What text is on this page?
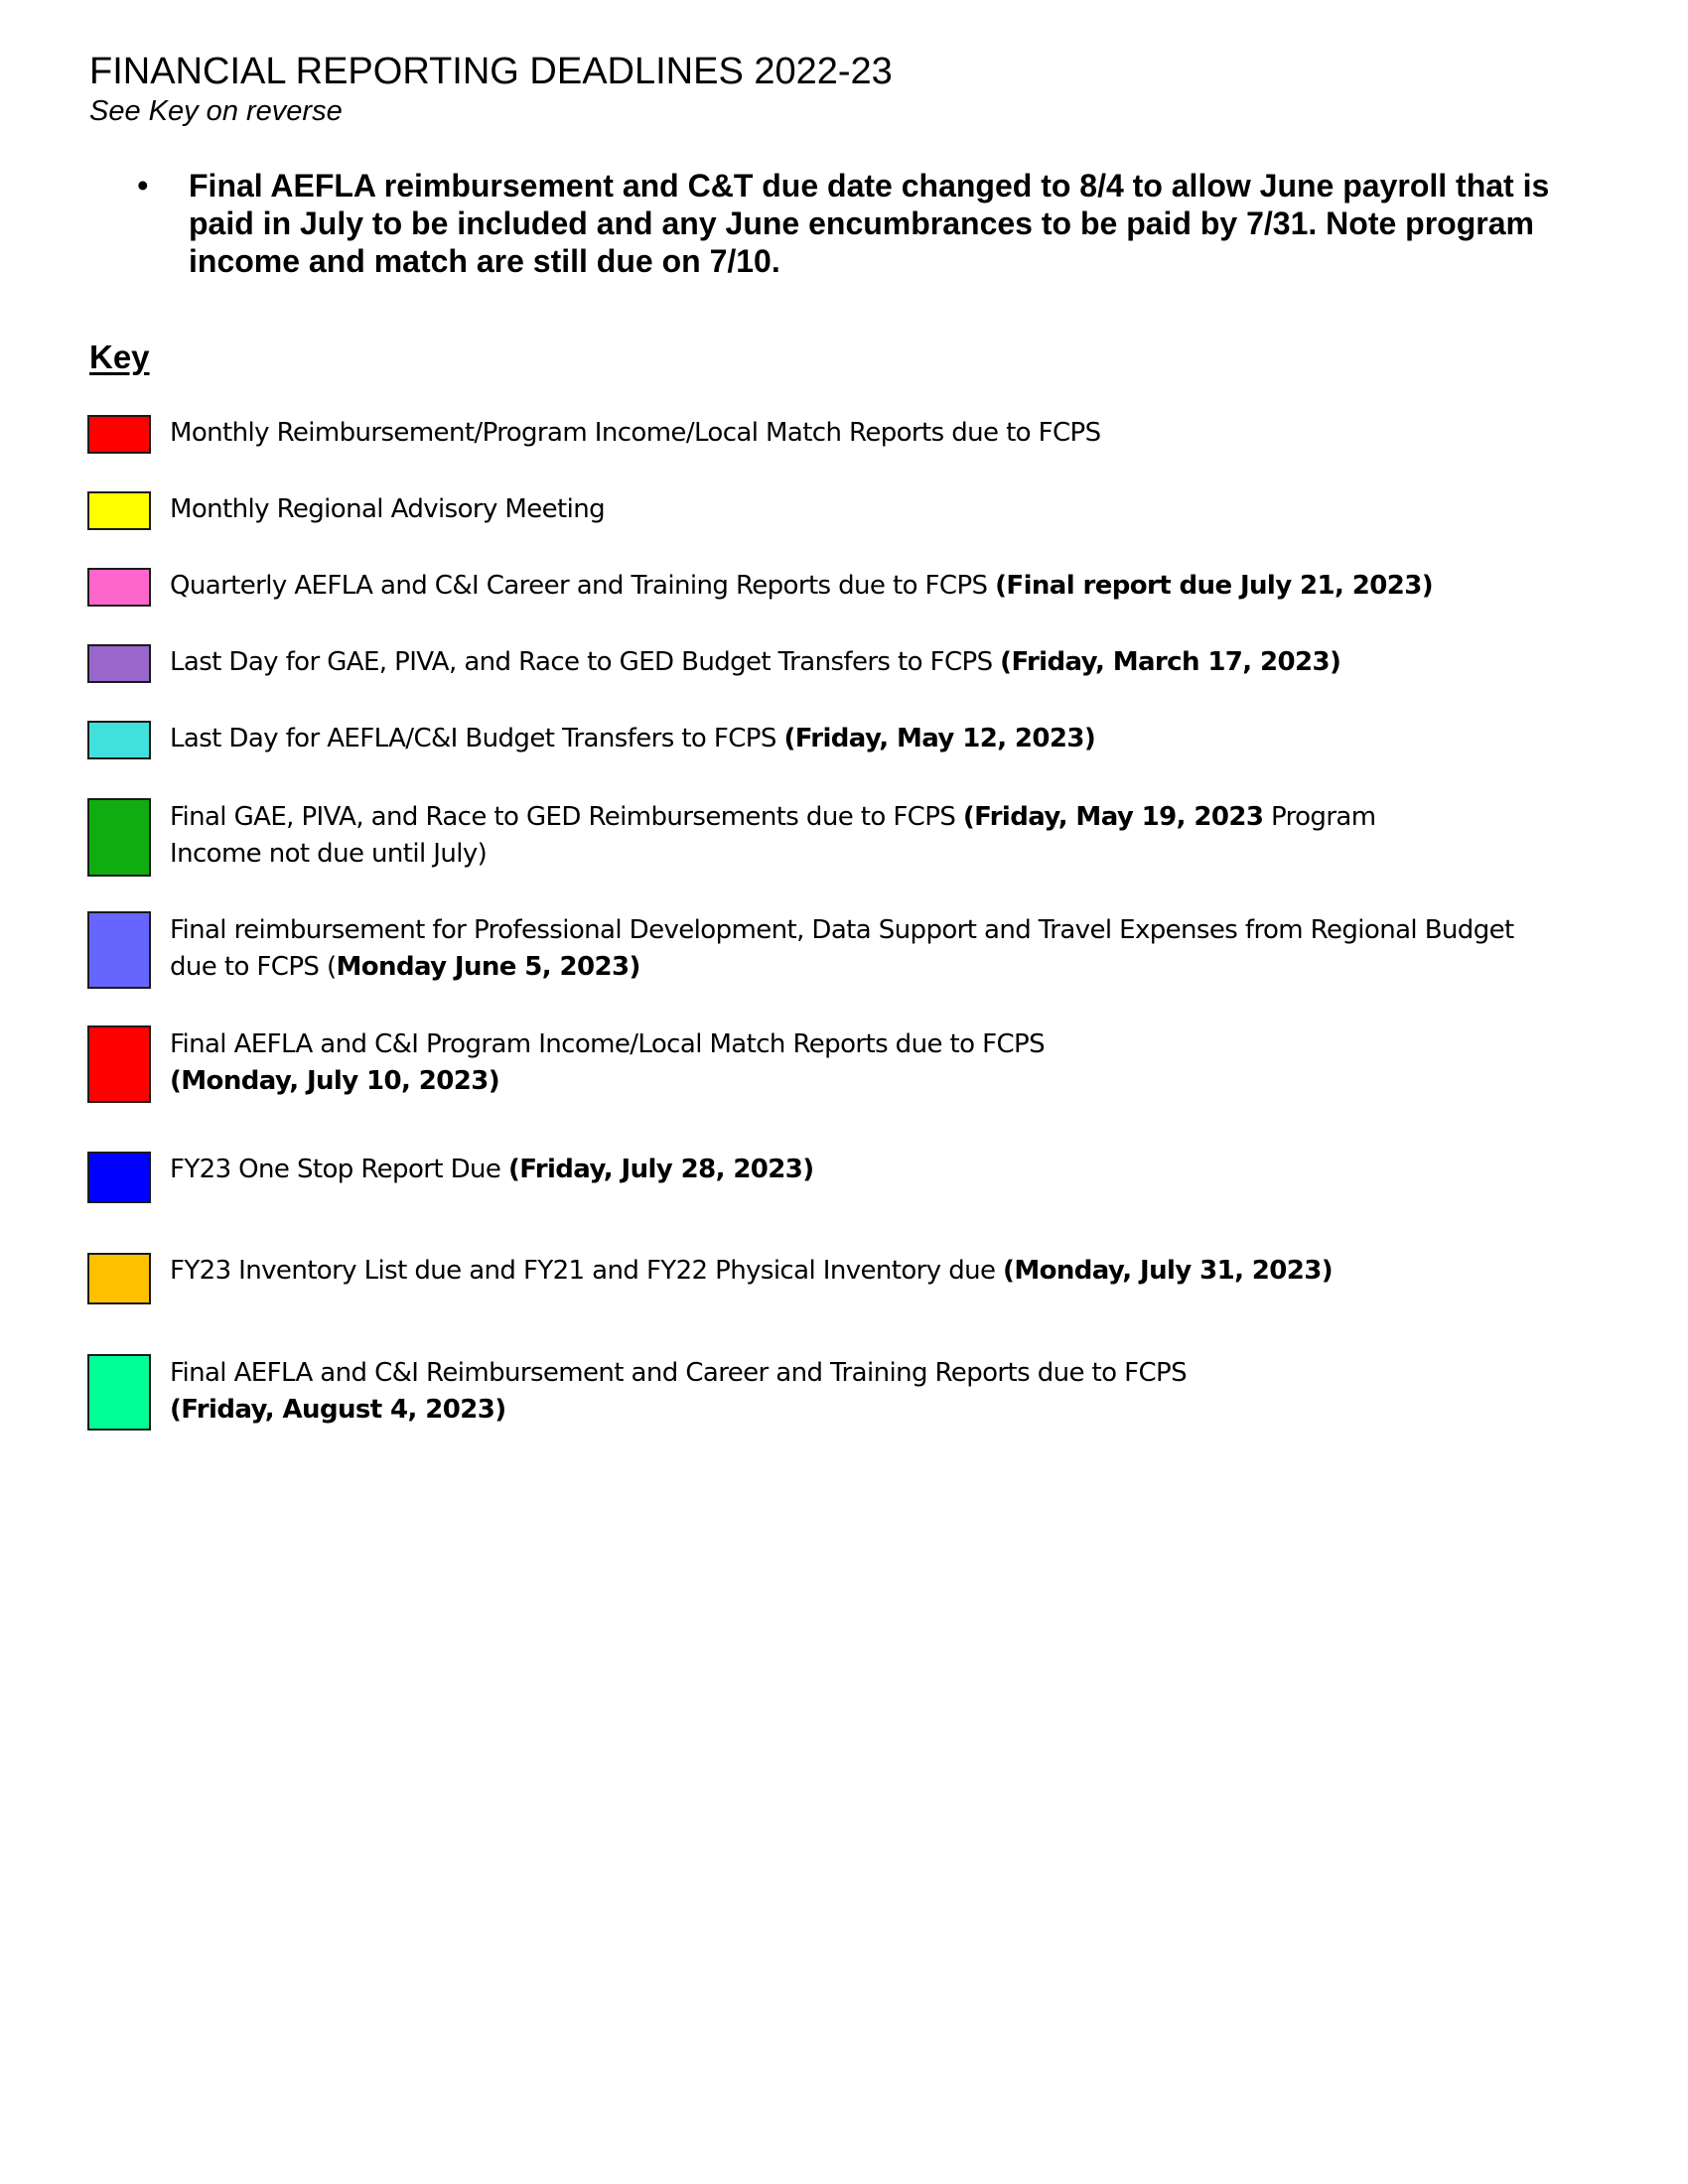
FINANCIAL REPORTING DEADLINES 2022-23
See Key on reverse
•	Final AEFLA reimbursement and C&T due date changed to 8/4 to allow June payroll that is paid in July to be included and any June encumbrances to be paid by 7/31. Note program income and match are still due on 7/10.
Key
Monthly Reimbursement/Program Income/Local Match Reports due to FCPS
Monthly Regional Advisory Meeting
Quarterly AEFLA and C&I Career and Training Reports due to FCPS (Final report due July 21, 2023)
Last Day for GAE, PIVA, and Race to GED Budget Transfers to FCPS (Friday, March 17, 2023)
Last Day for AEFLA/C&I Budget Transfers to FCPS (Friday, May 12, 2023)
Final GAE, PIVA, and Race to GED Reimbursements due to FCPS (Friday, May 19, 2023 Program Income not due until July)
Final reimbursement for Professional Development, Data Support and Travel Expenses from Regional Budget due to FCPS (Monday June 5, 2023)
Final AEFLA and C&I Program Income/Local Match Reports due to FCPS (Monday, July 10, 2023)
FY23 One Stop Report Due (Friday, July 28, 2023)
FY23 Inventory List due and FY21 and FY22 Physical Inventory due (Monday, July 31, 2023)
Final AEFLA and C&I Reimbursement and Career and Training Reports due to FCPS (Friday, August 4, 2023)
